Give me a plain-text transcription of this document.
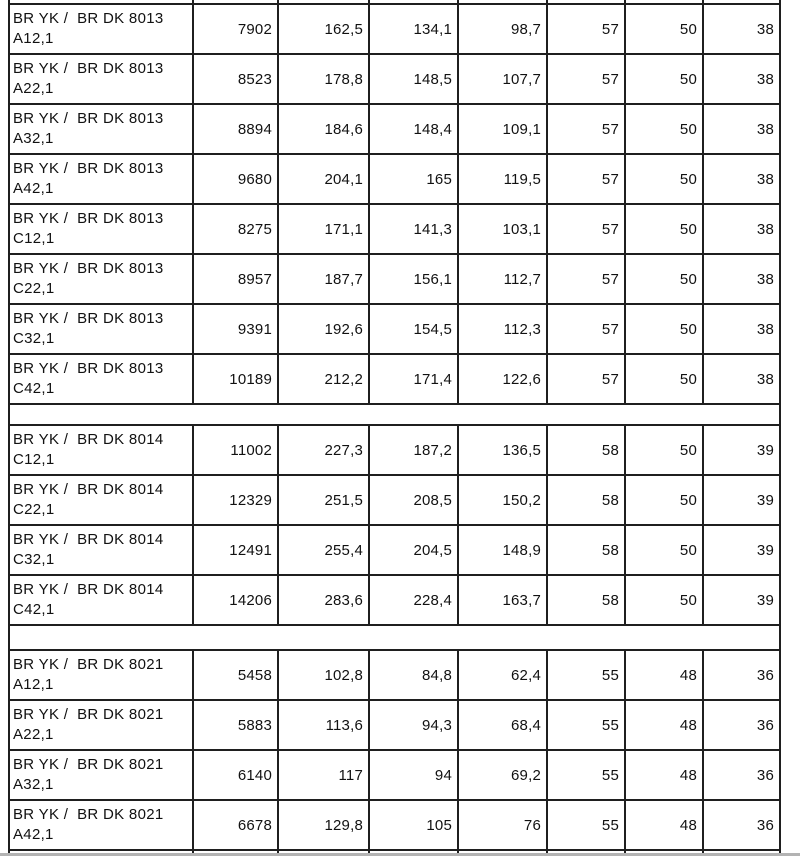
BR YK /  BR DK 8013
A12,1
7902	162,5	134,1	98,7	57	50	38
BR YK /  BR DK 8013
A22,1
8523	178,8	148,5	107,7	57	50	38
BR YK /  BR DK 8013
A32,1
8894	184,6	148,4	109,1	57	50	38
BR YK /  BR DK 8013
A42,1
9680	204,1	165	119,5	57	50	38
BR YK /  BR DK 8013
C12,1
8275	171,1	141,3	103,1	57	50	38
BR YK /  BR DK 8013
C22,1
8957	187,7	156,1	112,7	57	50	38
BR YK /  BR DK 8013
C32,1
9391	192,6	154,5	112,3	57	50	38
BR YK /  BR DK 8013
C42,1
10189	212,2	171,4	122,6	57	50	38
BR YK /  BR DK 8014
C12,1
11002	227,3	187,2	136,5	58	50	39
BR YK /  BR DK 8014
C22,1
12329	251,5	208,5	150,2	58	50	39
BR YK /  BR DK 8014
C32,1
12491	255,4	204,5	148,9	58	50	39
BR YK /  BR DK 8014
C42,1
14206	283,6	228,4	163,7	58	50	39
BR YK /  BR DK 8021
A12,1
5458	102,8	84,8	62,4	55	48	36
BR YK /  BR DK 8021
A22,1
5883	113,6	94,3	68,4	55	48	36
BR YK /  BR DK 8021
A32,1
6140	117	94	69,2	55	48	36
BR YK /  BR DK 8021
A42,1
6678	129,8	105	76	55	48	36
